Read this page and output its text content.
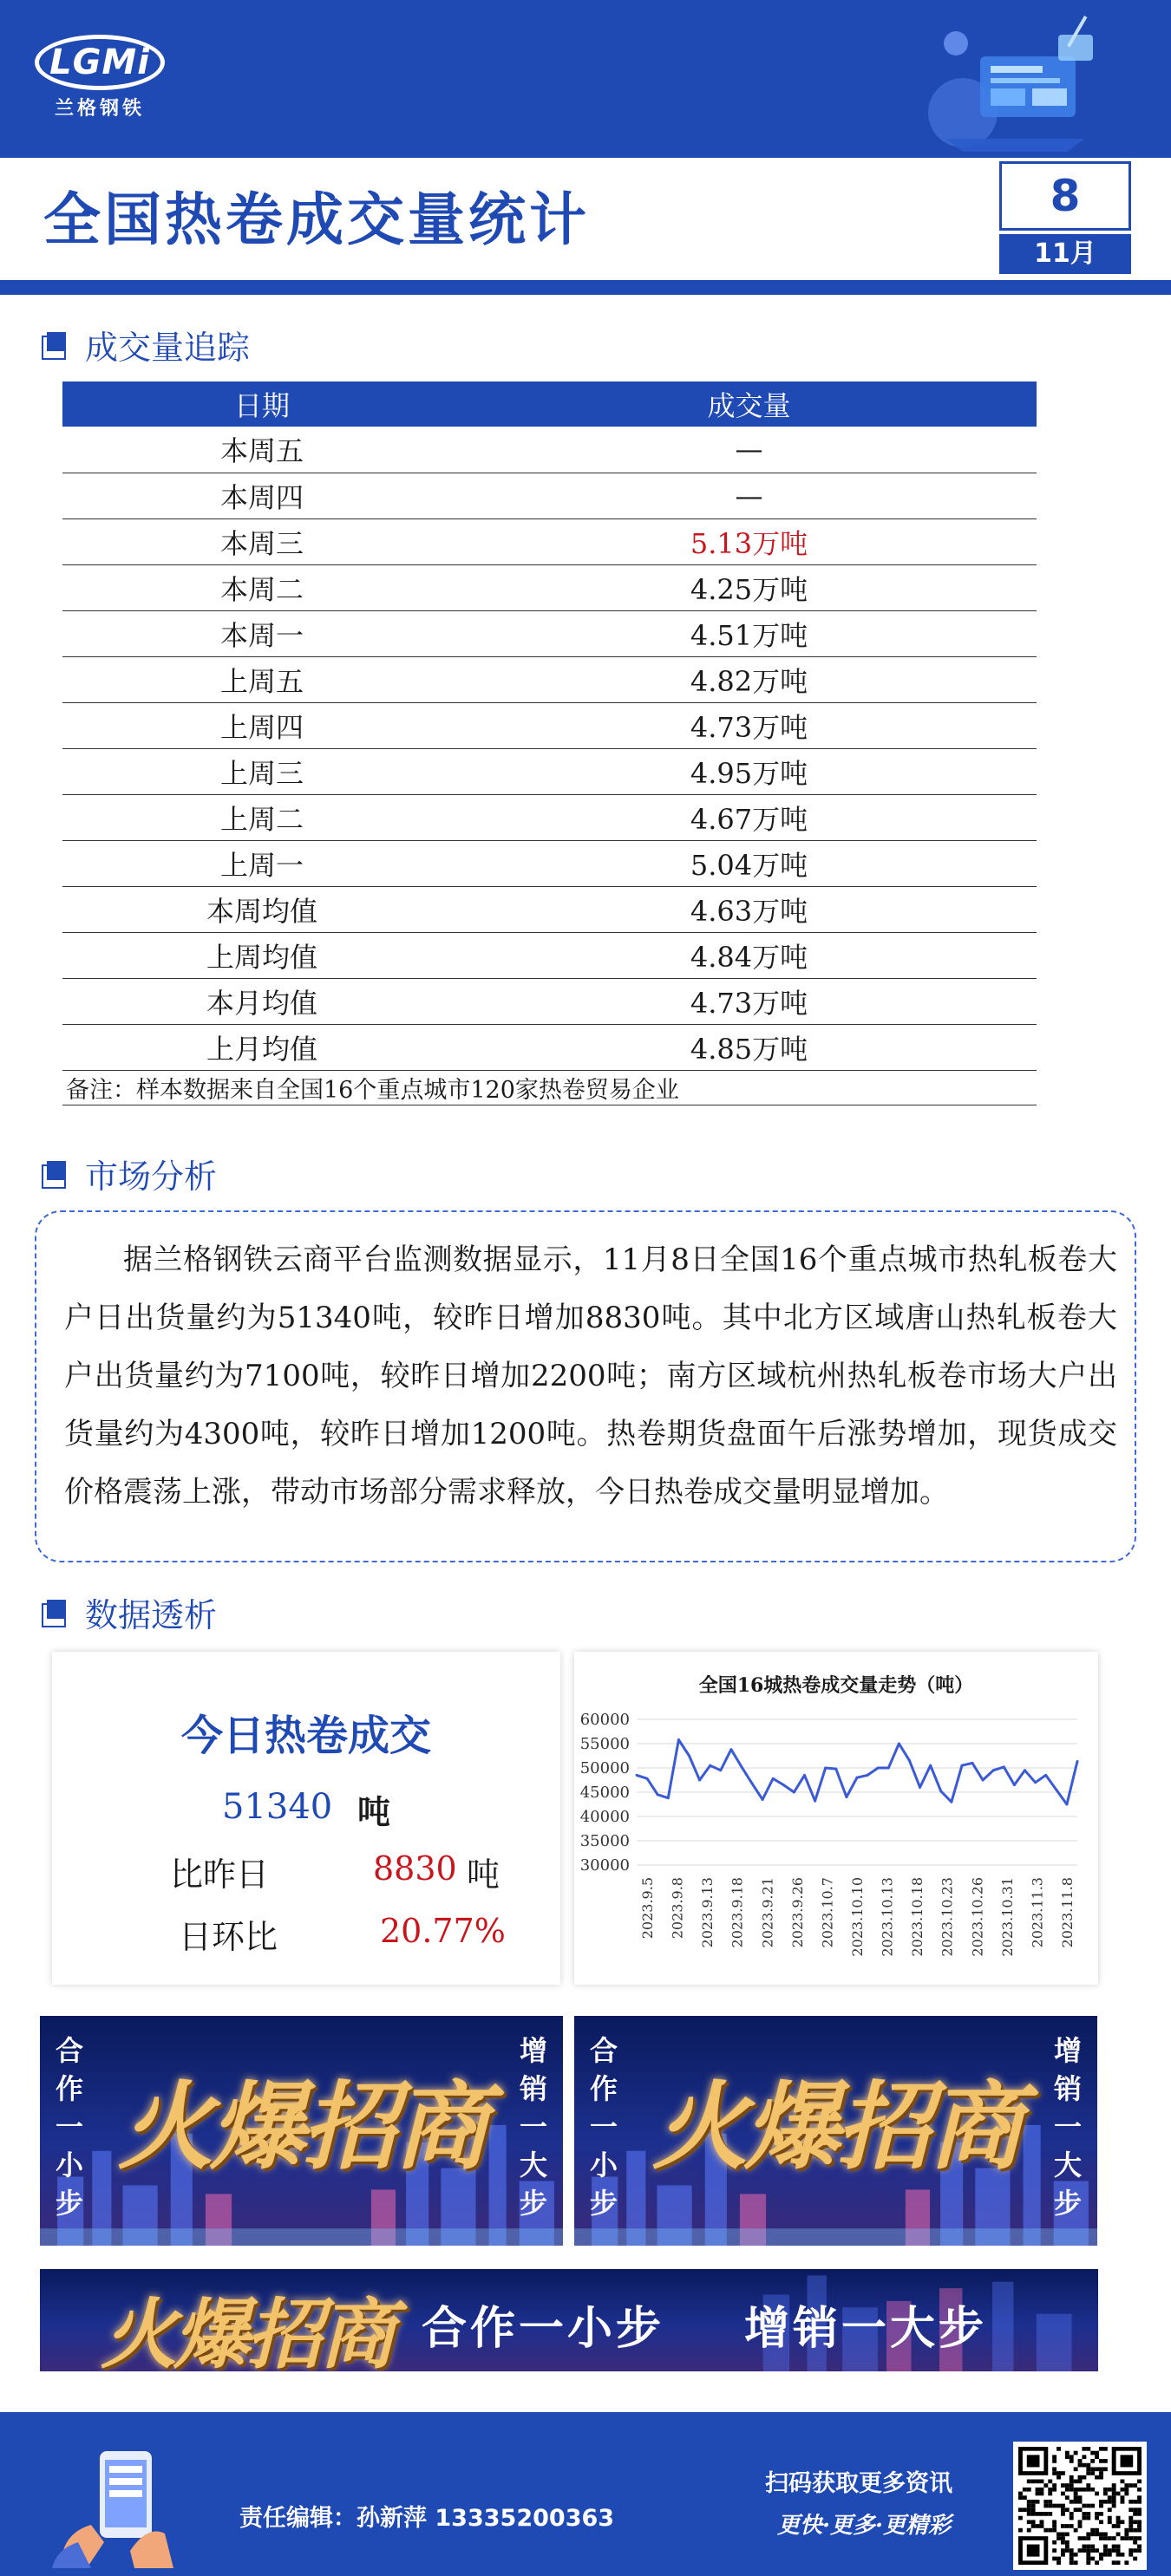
LGMi
兰格钢铁
全国热卷成交量统计	8
11月
成交量追踪
日期	成交量
本周五	—
本周四	—
本周三	5.13万吨
本周二	4.25万吨
本周一	4.51万吨
上周五	4.82万吨
上周四	4.73万吨
上周三	4.95万吨
上周二	4.67万吨
上周一	5.04万吨
本周均值	4.63万吨
上周均值	4.84万吨
本月均值	4.73万吨
上月均值	4.85万吨
备注：样本数据来自全国16个重点城市120家热卷贸易企业	
市场分析

据兰格钢铁云商平台监测数据显示，11月8日全国16个重点城市热轧板卷大户日出货量约为51340吨，较昨日增加8830吨。其中北方区域唐山热轧板卷大户出货量约为7100吨，较昨日增加2200吨；南方区域杭州热轧板卷市场大户出货量约为4300吨，较昨日增加1200吨。热卷期货盘面午后涨势增加，现货成交价格震荡上涨，带动市场部分需求释放，今日热卷成交量明显增加。

数据透析
今日热卷成交
51340 吨
比昨日	8830 吨
日环比	20.77%
全国16城热卷成交量走势（吨）
30000
35000
40000
45000
50000
55000
60000
2023.9.5 2023.9.8 2023.9.13 2023.9.18 2023.9.21 2023.9.26 2023.10.7 2023.10.10 2023.10.13 2023.10.18 2023.10.23 2023.10.26 2023.10.31 2023.11.3 2023.11.8
合
作
一
小
步
火爆招商
增
销
一
大
步
合
作
一
小
步
火爆招商
增
销
一
大
步
火爆招商 合作一小步 增销一大步
责任编辑：孙新萍 13335200363
扫码获取更多资讯
更快·更多·更精彩
